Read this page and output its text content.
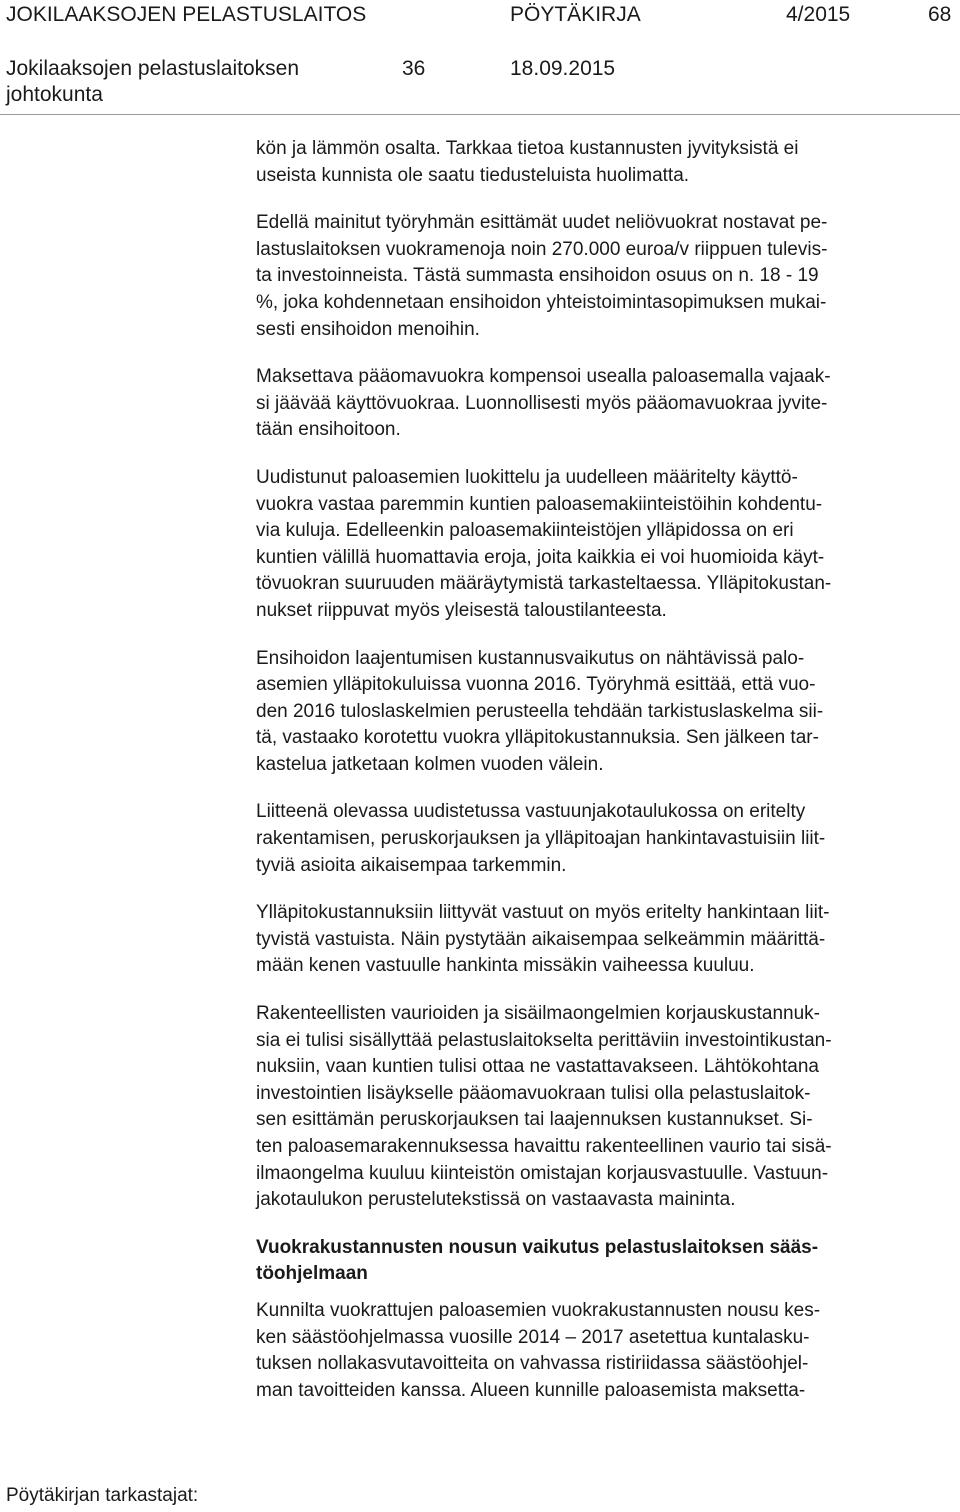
JOKILAAKSOJEN PELASTUSLAITOS	PÖYTÄKIRJA	4/2015	68
Jokilaaksojen pelastuslaitoksen
johtokunta
36	18.09.2015

kön ja lämmön osalta. Tarkkaa tietoa kustannusten jyvityksistä ei
useista kunnista ole saatu tiedusteluista huolimatta.

Edellä mainitut työryhmän esittämät uudet neliövuokrat nostavat pe-
lastuslaitoksen vuokramenoja noin 270.000 euroa/v riippuen tulevis-
ta investoinneista. Tästä summasta ensihoidon osuus on n. 18 - 19
%, joka kohdennetaan ensihoidon yhteistoimintasopimuksen mukai-
sesti ensihoidon menoihin.

Maksettava pääomavuokra kompensoi usealla paloasemalla vajaak-
si jäävää käyttövuokraa. Luonnollisesti myös pääomavuokraa jyvite-
tään ensihoitoon.

Uudistunut paloasemien luokittelu ja uudelleen määritelty käyttö-
vuokra vastaa paremmin kuntien paloasemakiinteistöihin kohdentu-
via kuluja. Edelleenkin paloasemakiinteistöjen ylläpidossa on eri
kuntien välillä huomattavia eroja, joita kaikkia ei voi huomioida käyt-
tövuokran suuruuden määräytymistä tarkasteltaessa. Ylläpitokustan-
nukset riippuvat myös yleisestä taloustilanteesta.

Ensihoidon laajentumisen kustannusvaikutus on nähtävissä palo-
asemien ylläpitokuluissa vuonna 2016. Työryhmä esittää, että vuo-
den 2016 tuloslaskelmien perusteella tehdään tarkistuslaskelma sii-
tä, vastaako korotettu vuokra ylläpitokustannuksia. Sen jälkeen tar-
kastelua jatketaan kolmen vuoden välein.

Liitteenä olevassa uudistetussa vastuunjakotaulukossa on eritelty
rakentamisen, peruskorjauksen ja ylläpitoajan hankintavastuisiin liit-
tyviä asioita aikaisempaa tarkemmin.

Ylläpitokustannuksiin liittyvät vastuut on myös eritelty hankintaan liit-
tyvistä vastuista. Näin pystytään aikaisempaa selkeämmin määrittä-
mään kenen vastuulle hankinta missäkin vaiheessa kuuluu.

Rakenteellisten vaurioiden ja sisäilmaongelmien korjauskustannuk-
sia ei tulisi sisällyttää pelastuslaitokselta perittäviin investointikustan-
nuksiin, vaan kuntien tulisi ottaa ne vastattavakseen. Lähtökohtana
investointien lisäykselle pääomavuokraan tulisi olla pelastuslaitok-
sen esittämän peruskorjauksen tai laajennuksen kustannukset. Si-
ten paloasemarakennuksessa havaittu rakenteellinen vaurio tai sisä-
ilmaongelma kuuluu kiinteistön omistajan korjausvastuulle. Vastuun-
jakotaulukon perustelutekstissä on vastaavasta maininta.

Vuokrakustannusten nousun vaikutus pelastuslaitoksen sääs-
töohjelmaan

Kunnilta vuokrattujen paloasemien vuokrakustannusten nousu kes-
ken säästöohjelmassa vuosille 2014 – 2017 asetettua kuntalasku-
tuksen nollakasvutavoitteita on vahvassa ristiriidassa säästöohjel-
man tavoitteiden kanssa. Alueen kunnille paloasemista maksetta-

Pöytäkirjan tarkastajat:
